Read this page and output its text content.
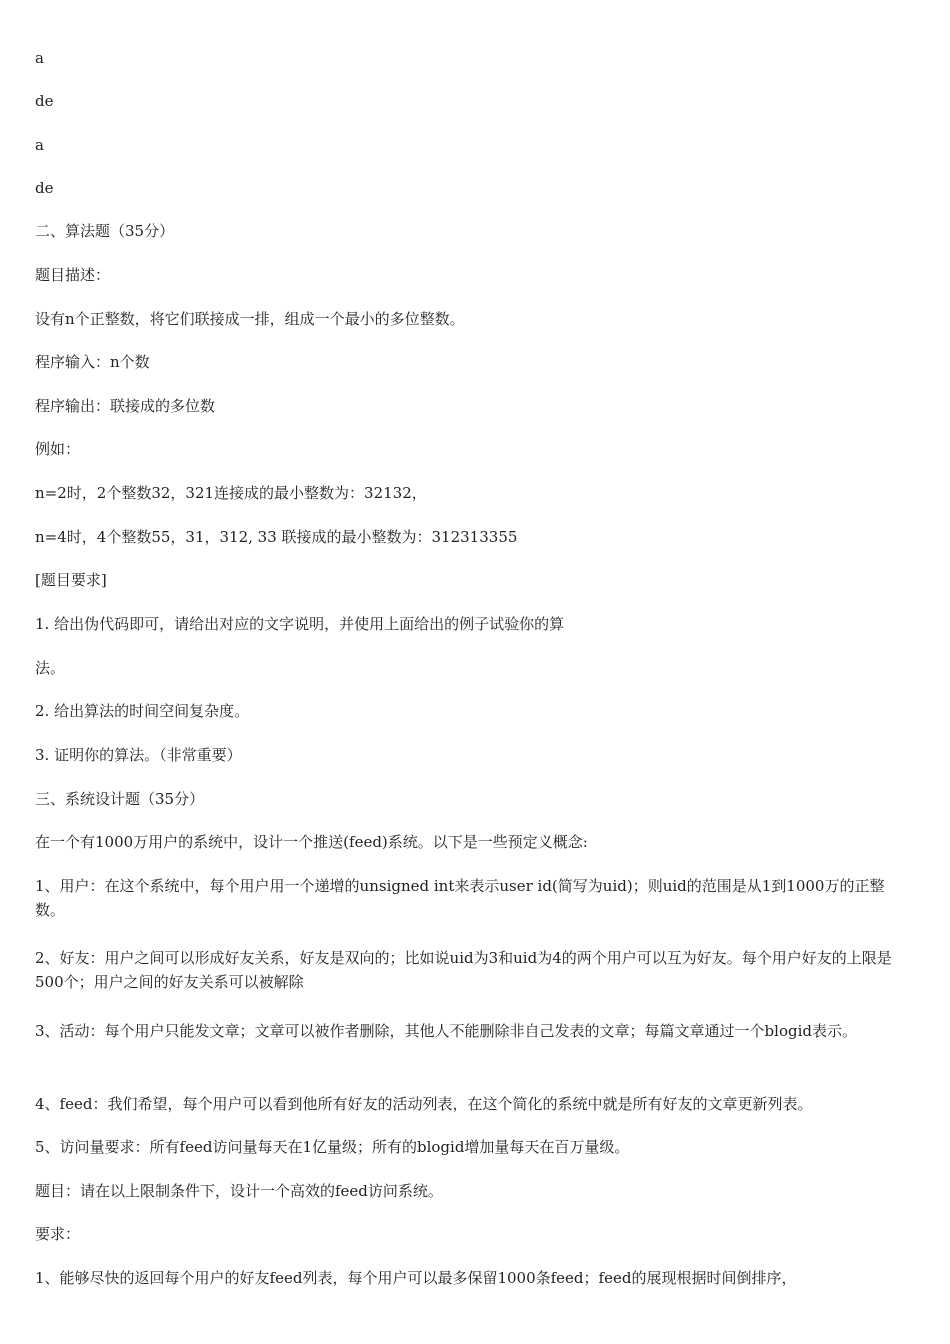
a
de
a
de
二、算法题（35分）
题目描述：
设有n个正整数，将它们联接成一排，组成一个最小的多位整数。
程序输入：n个数
程序输出：联接成的多位数
例如：
n=2时，2个整数32，321连接成的最小整数为：32132，
n=4时，4个整数55，31，312, 33 联接成的最小整数为：312313355
[题目要求]
1. 给出伪代码即可，请给出对应的文字说明，并使用上面给出的例子试验你的算
法。
2. 给出算法的时间空间复杂度。
3. 证明你的算法。（非常重要）
三、系统设计题（35分）
在一个有1000万用户的系统中，设计一个推送(feed)系统。以下是一些预定义概念:
1、用户：在这个系统中，每个用户用一个递增的unsigned int来表示user id(简写为uid)；则uid的范围是从1到1000万的正整数。
2、好友：用户之间可以形成好友关系，好友是双向的；比如说uid为3和uid为4的两个用户可以互为好友。每个用户好友的上限是500个；用户之间的好友关系可以被解除
3、活动：每个用户只能发文章；文章可以被作者删除，其他人不能删除非自己发表的文章；每篇文章通过一个blogid表示。
4、feed：我们希望，每个用户可以看到他所有好友的活动列表，在这个简化的系统中就是所有好友的文章更新列表。
5、访问量要求：所有feed访问量每天在1亿量级；所有的blogid增加量每天在百万量级。
题目：请在以上限制条件下，设计一个高效的feed访问系统。
要求：
1、能够尽快的返回每个用户的好友feed列表，每个用户可以最多保留1000条feed；feed的展现根据时间倒排序，
